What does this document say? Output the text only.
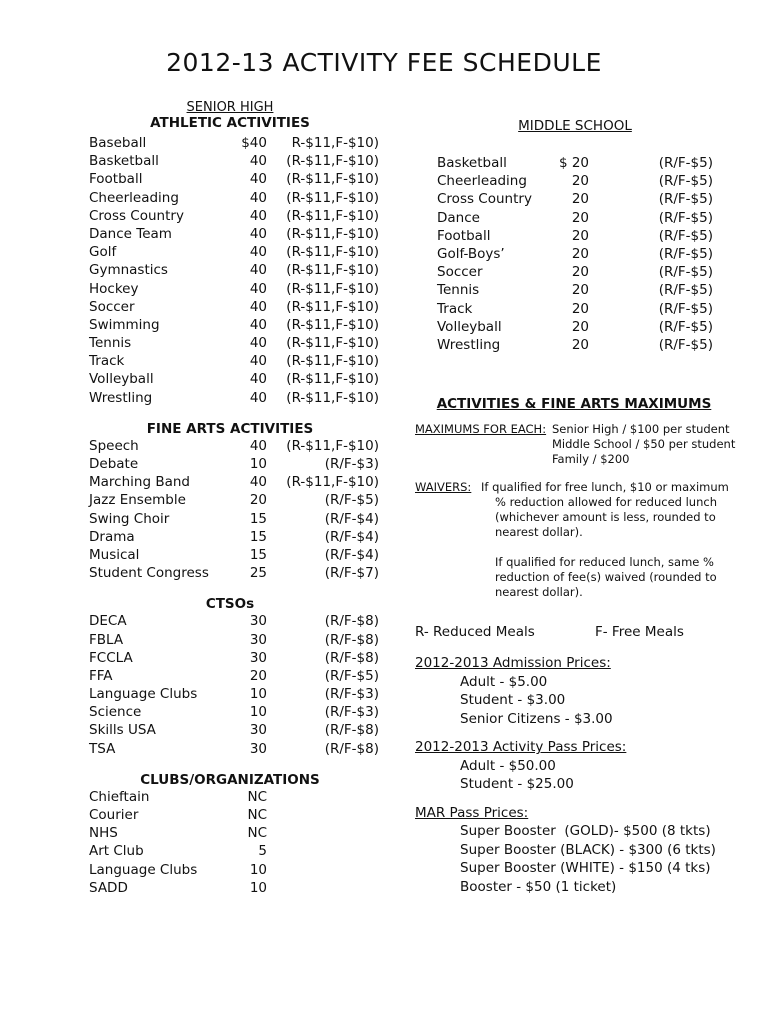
2012-13 ACTIVITY FEE SCHEDULE
SENIOR HIGH
ATHLETIC ACTIVITIES
Baseball	$40 R-$11,F-$10)
Basketball	40 (R-$11,F-$10)
Football	40 (R-$11,F-$10)
Cheerleading	40 (R-$11,F-$10)
Cross Country	40 (R-$11,F-$10)
Dance Team	40 (R-$11,F-$10)
Golf	40 (R-$11,F-$10)
Gymnastics	40 (R-$11,F-$10)
Hockey	40 (R-$11,F-$10)
Soccer	40 (R-$11,F-$10)
Swimming	40 (R-$11,F-$10)
Tennis	40 (R-$11,F-$10)
Track	40 (R-$11,F-$10)
Volleyball	40 (R-$11,F-$10)
Wrestling	40 (R-$11,F-$10)
FINE ARTS ACTIVITIES
Speech	40 (R-$11,F-$10)
Debate	10	(R/F-$3)
Marching Band	40 (R-$11,F-$10)
Jazz Ensemble	20	(R/F-$5)
Swing Choir	15	(R/F-$4)
Drama	15	(R/F-$4)
Musical	15	(R/F-$4)
Student Congress	25	(R/F-$7)
CTSOs
DECA	30	(R/F-$8)
FBLA	30	(R/F-$8)
FCCLA	30	(R/F-$8)
FFA	20	(R/F-$5)
Language Clubs	10	(R/F-$3)
Science	10	(R/F-$3)
Skills USA	30	(R/F-$8)
TSA	30	(R/F-$8)
CLUBS/ORGANIZATIONS
Chieftain	NC
Courier	NC
NHS	NC
Art Club	5
Language Clubs	10
SADD	10
MIDDLE SCHOOL
Basketball	$ 20	(R/F-$5)
Cheerleading	20	(R/F-$5)
Cross Country	20	(R/F-$5)
Dance	20	(R/F-$5)
Football	20	(R/F-$5)
Golf-Boys’	20	(R/F-$5)
Soccer	20	(R/F-$5)
Tennis	20	(R/F-$5)
Track	20	(R/F-$5)
Volleyball	20	(R/F-$5)
Wrestling	20	(R/F-$5)
ACTIVITIES & FINE ARTS MAXIMUMS
MAXIMUMS FOR EACH: Senior High / $100 per student
Middle School / $50 per student
Family / $200
WAIVERS: If qualified for free lunch, $10 or maximum
% reduction allowed for reduced lunch
(whichever amount is less, rounded to
nearest dollar).
If qualified for reduced lunch, same %
reduction of fee(s) waived (rounded to
nearest dollar).
R- Reduced Meals	F- Free Meals
2012-2013 Admission Prices:
Adult - $5.00
Student - $3.00
Senior Citizens - $3.00
2012-2013 Activity Pass Prices:
Adult - $50.00
Student - $25.00
MAR Pass Prices:
Super Booster  (GOLD)- $500 (8 tkts)
Super Booster (BLACK) - $300 (6 tkts)
Super Booster (WHITE) - $150 (4 tks)
Booster - $50 (1 ticket)
